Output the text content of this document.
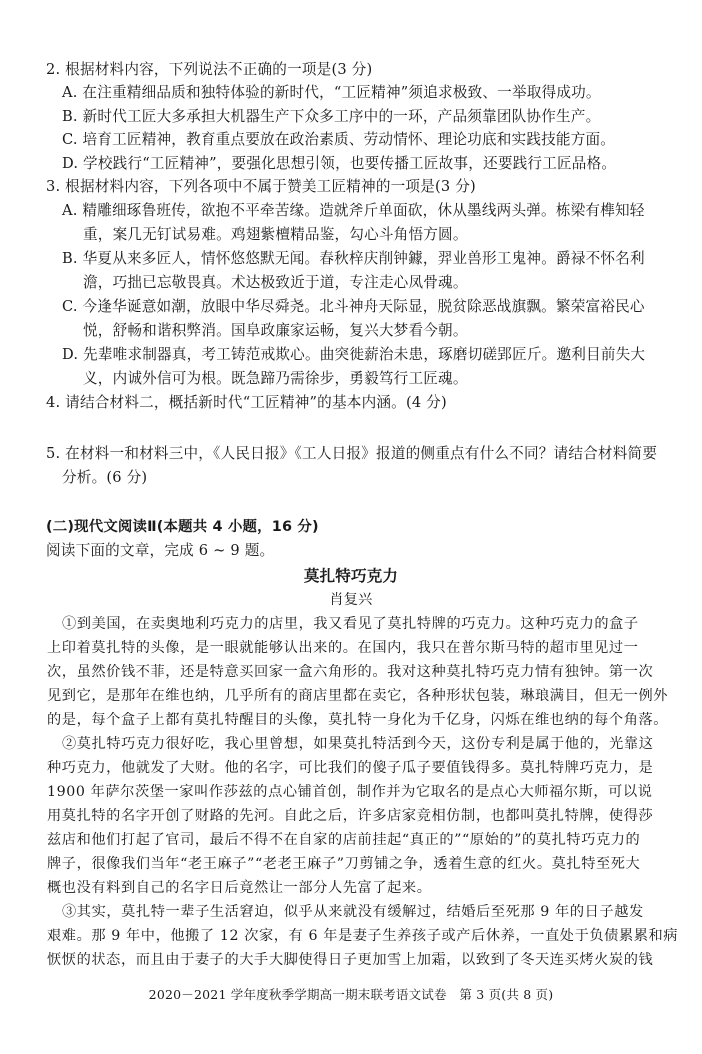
2. 根据材料内容，下列说法不正确的一项是(3 分)
A. 在注重精细品质和独特体验的新时代，“工匠精神”须追求极致、一举取得成功。
B. 新时代工匠大多承担大机器生产下众多工序中的一环，产品须靠团队协作生产。
C. 培育工匠精神，教育重点要放在政治素质、劳动情怀、理论功底和实践技能方面。
D. 学校践行“工匠精神”，要强化思想引领，也要传播工匠故事，还要践行工匠品格。
3. 根据材料内容，下列各项中不属于赞美工匠精神的一项是(3 分)
A. 精雕细琢鲁班传，欲抱不平牵苦缘。造就斧斤单面砍，休从墨线两头弹。栋梁有榫知轻
重，案几无钉试易难。鸡翅紫檀精品鉴，勾心斗角悟方圆。
B. 华夏从来多匠人，情怀悠悠默无闻。春秋梓庆削钟鐻，羿业兽形工鬼神。爵禄不怀名利
澹，巧拙已忘敬畏真。术达极致近于道，专注走心凤骨魂。
C. 今逢华诞意如潮，放眼中华尽舜尧。北斗神舟天际显，脱贫除恶战旗飘。繁荣富裕民心
悦，舒畅和谐积弊消。国阜政廉家运畅，复兴大梦看今朝。
D. 先辈唯求制器真，考工铸范戒欺心。曲突徙薪治未患，琢磨切磋郢匠斤。邀利目前失大
义，内诚外信可为根。既急蹄乃需徐步，勇毅笃行工匠魂。
4. 请结合材料二，概括新时代“工匠精神”的基本内涵。(4 分)
5. 在材料一和材料三中，《人民日报》《工人日报》报道的侧重点有什么不同？请结合材料简要
分析。(6 分)
(二)现代文阅读Ⅱ(本题共 4 小题，16 分)
阅读下面的文章，完成 6 ~ 9 题。
莫扎特巧克力
肖复兴
①到美国，在卖奥地利巧克力的店里，我又看见了莫扎特牌的巧克力。这种巧克力的盒子
上印着莫扎特的头像，是一眼就能够认出来的。在国内，我只在普尔斯马特的超市里见过一
次，虽然价钱不菲，还是特意买回家一盒六角形的。我对这种莫扎特巧克力情有独钟。第一次
见到它，是那年在维也纳，几乎所有的商店里都在卖它，各种形状包装，琳琅满目，但无一例外
的是，每个盒子上都有莫扎特醒目的头像，莫扎特一身化为千亿身，闪烁在维也纳的每个角落。
②莫扎特巧克力很好吃，我心里曾想，如果莫扎特活到今天，这份专利是属于他的，光靠这
种巧克力，他就发了大财。他的名字，可比我们的傻子瓜子要值钱得多。莫扎特牌巧克力，是
1900 年萨尔茨堡一家叫作莎兹的点心铺首创，制作并为它取名的是点心大师福尔斯，可以说
用莫扎特的名字开创了财路的先河。自此之后，许多店家竞相仿制，也都叫莫扎特牌，使得莎
兹店和他们打起了官司，最后不得不在自家的店前挂起“真正的”“原始的”的莫扎特巧克力的
牌子，很像我们当年“老王麻子”“老老王麻子”刀剪铺之争，透着生意的红火。莫扎特至死大
概也没有料到自己的名字日后竟然让一部分人先富了起来。
③其实，莫扎特一辈子生活窘迫，似乎从来就没有缓解过，结婚后至死那 9 年的日子越发
艰难。那 9 年中，他搬了 12 次家，有 6 年是妻子生养孩子或产后休养，一直处于负债累累和病
恹恹的状态，而且由于妻子的大手大脚使得日子更加雪上加霜，以致到了冬天连买烤火炭的钱
2020－2021 学年度秋季学期高一期末联考语文试卷　第 3 页(共 8 页)
